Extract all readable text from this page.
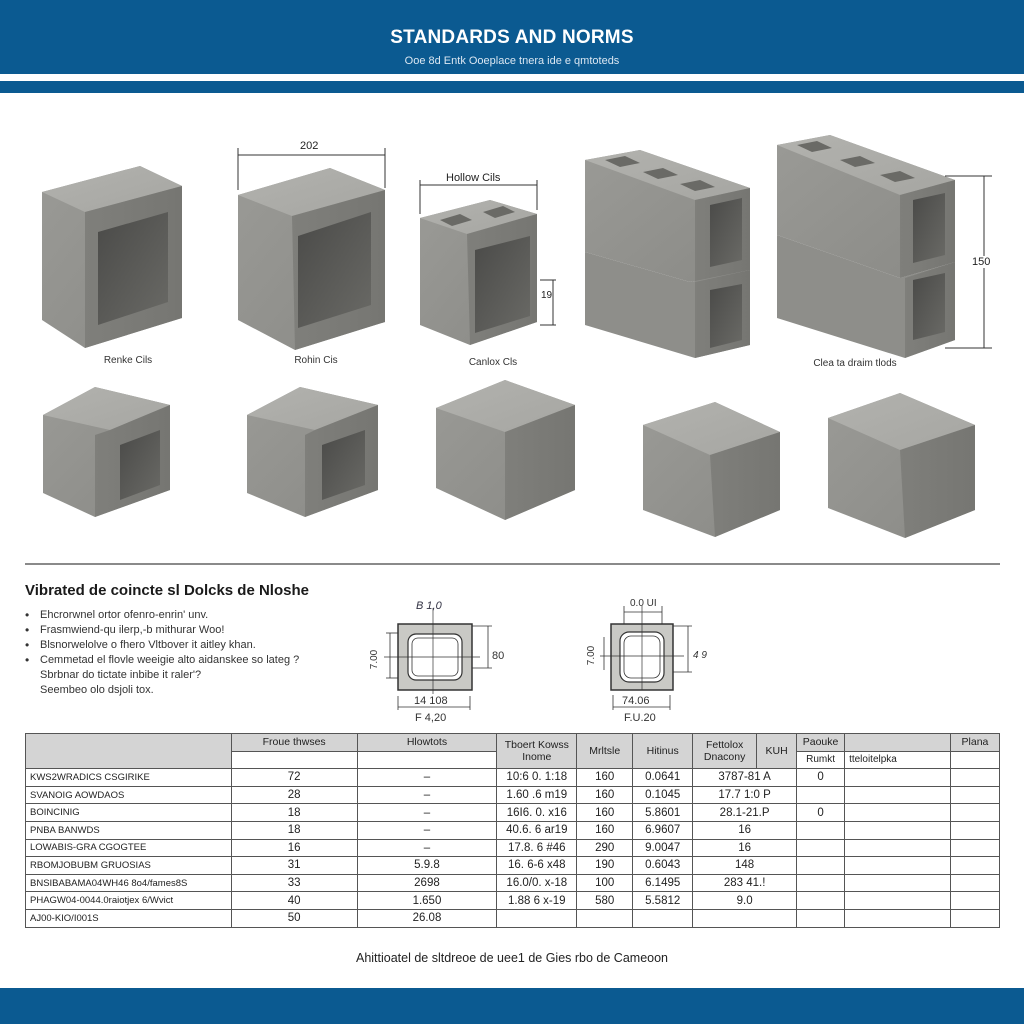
STANDARDS AND NORMS
Ooe 8d Entk Ooeplace tnera ide e qmtoteds
202
Hollow Cils
19
150
Renke Cils	Rohin Cis	Canlox Cls	Clea ta draim tlods
Vibrated de coincte sl Dolcks de Nloshe
• Ehcrorwnel ortor ofenro-enrin' unv.
• Frasmwiend-qu ilerp,-b mithurar Woo!
• Blsnorwelolve o fhero Vltbover it aitley khan.
• Cemmetad el flovle weeigie alto aidanskee so lateg ?
Sbrbnar do tictate inbibe it raler'?
Seembeo olo dsjoli tox.
B 1,0
7.00	80
14 108
F 4,20
0.0 UI
7.00	4 9
74.06
F.U.20
	Froue thwses	Hlowtots	Tboert Kowss Inome	Mrltsle	Hitinus	Fettolox Dnacony	KUH	Paouke		Plana
								Rumkt	tteloitelpka	
KWS2WRADICS CSGIRIKE	72	–	10:6 0. 1:18	160	0.0641	3787-81 A		0		
SVANOIG AOWDAOS	28	–	1.60 .6 m19	160	0.1045	17.7 1:0 P				
BOINCINIG	18	–	16I6. 0. x16	160	5.8601	28.1-21.P		0		
PNBA BANWDS	18	–	40.6. 6 ar19	160	6.9607	16				
LOWABIS-GRA CGOGTEE	16	–	17.8. 6 #46	290	9.0047	16				
RBOMJOBUBM GRUOSIAS	31	5.9.8	16. 6-6 x48	190	0.6043	148				
BNSIBABAMA04WH46 8o4/fames8S	33	2698	16.0/0. x-18	100	6.1495	283 41.!				
PHAGW04-0044.0raiotjex 6/Wvict	40	1.650	1.88 6 x-19	580	5.5812	9.0				
AJ00-KIO/I001S	50	26.08								
Ahittioatel de sltdreoe de uee1 de Gies rbo de Cameoon
